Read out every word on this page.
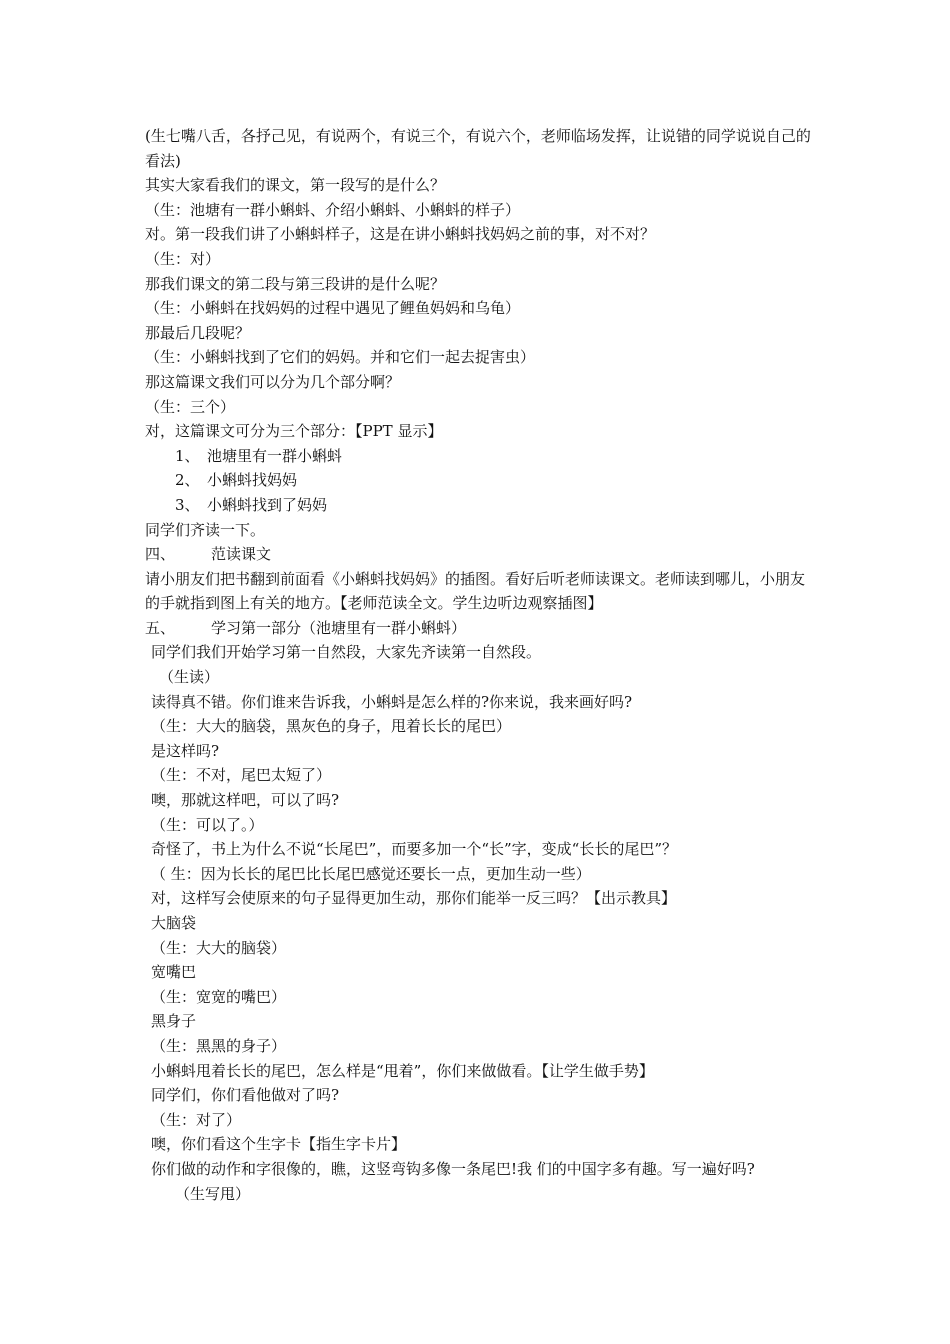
(生七嘴八舌，各抒己见，有说两个，有说三个，有说六个，老师临场发挥，让说错的同学说说自己的看法)
其实大家看我们的课文，第一段写的是什么？
（生：池塘有一群小蝌蚪、介绍小蝌蚪、小蝌蚪的样子）
对。第一段我们讲了小蝌蚪样子，这是在讲小蝌蚪找妈妈之前的事，对不对？
（生：对）
那我们课文的第二段与第三段讲的是什么呢？
（生：小蝌蚪在找妈妈的过程中遇见了鲤鱼妈妈和乌龟）
那最后几段呢？
（生：小蝌蚪找到了它们的妈妈。并和它们一起去捉害虫）
那这篇课文我们可以分为几个部分啊？
（生：三个）
对，这篇课文可分为三个部分：【PPT 显示】
1、 池塘里有一群小蝌蚪
2、 小蝌蚪找妈妈
3、 小蝌蚪找到了妈妈
同学们齐读一下。
四、 范读课文
请小朋友们把书翻到前面看《小蝌蚪找妈妈》的插图。看好后听老师读课文。老师读到哪儿，小朋友的手就指到图上有关的地方。【老师范读全文。学生边听边观察插图】
五、 学习第一部分（池塘里有一群小蝌蚪）
同学们我们开始学习第一自然段，大家先齐读第一自然段。
（生读）
读得真不错。你们谁来告诉我，小蝌蚪是怎么样的?你来说，我来画好吗?
（生：大大的脑袋，黑灰色的身子，甩着长长的尾巴）
是这样吗?
（生：不对，尾巴太短了）
噢，那就这样吧，可以了吗?
（生：可以了。）
奇怪了，书上为什么不说“长尾巴”，而要多加一个“长”字，变成“长长的尾巴”？
（ 生：因为长长的尾巴比长尾巴感觉还要长一点，更加生动一些）
对，这样写会使原来的句子显得更加生动，那你们能举一反三吗？【出示教具】
大脑袋
（生：大大的脑袋）
宽嘴巴
（生：宽宽的嘴巴）
黑身子
（生：黑黑的身子）
小蝌蚪甩着长长的尾巴，怎么样是“甩着”，你们来做做看。【让学生做手势】
同学们，你们看他做对了吗?
（生：对了）
噢，你们看这个生字卡【指生字卡片】
你们做的动作和字很像的，瞧，这竖弯钩多像一条尾巴!我 们的中国字多有趣。写一遍好吗?
（生写甩）
